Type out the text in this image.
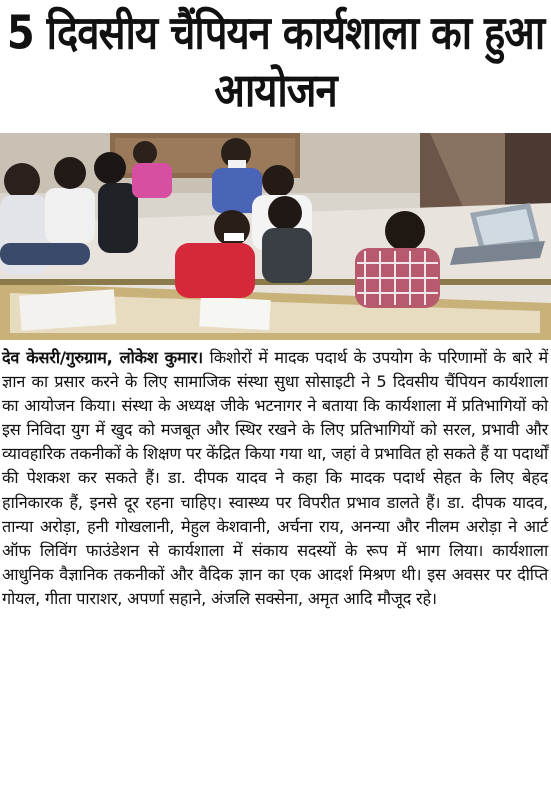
5 दिवसीय चैंपियन कार्यशाला का हुआ
आयोजन
देव केसरी/गुरुग्राम, लोकेश कुमार। किशोरों में मादक पदार्थ के उपयोग के परिणामों के बारे में ज्ञान का प्रसार करने के लिए सामाजिक संस्था सुधा सोसाइटी ने 5 दिवसीय चैंपियन कार्यशाला का आयोजन किया। संस्था के अध्यक्ष जीके भटनागर ने बताया कि कार्यशाला में प्रतिभागियों को इस निविदा युग में खुद को मजबूत और स्थिर रखने के लिए प्रतिभागियों को सरल, प्रभावी और व्यावहारिक तकनीकों के शिक्षण पर केंद्रित किया गया था, जहां वे प्रभावित हो सकते हैं या पदार्थों की पेशकश कर सकते हैं। डा. दीपक यादव ने कहा कि मादक पदार्थ सेहत के लिए बेहद हानिकारक हैं, इनसे दूर रहना चाहिए। स्वास्थ्य पर विपरीत प्रभाव डालते हैं। डा. दीपक यादव, तान्या अरोड़ा, हनी गोखलानी, मेहुल केशवानी, अर्चना राय, अनन्या और नीलम अरोड़ा ने आर्ट ऑफ लिविंग फाउंडेशन से कार्यशाला में संकाय सदस्यों के रूप में भाग लिया। कार्यशाला आधुनिक वैज्ञानिक तकनीकों और वैदिक ज्ञान का एक आदर्श मिश्रण थी। इस अवसर पर दीप्ति गोयल, गीता पाराशर, अपर्णा सहाने, अंजलि सक्सेना, अमृत आदि मौजूद रहे।
